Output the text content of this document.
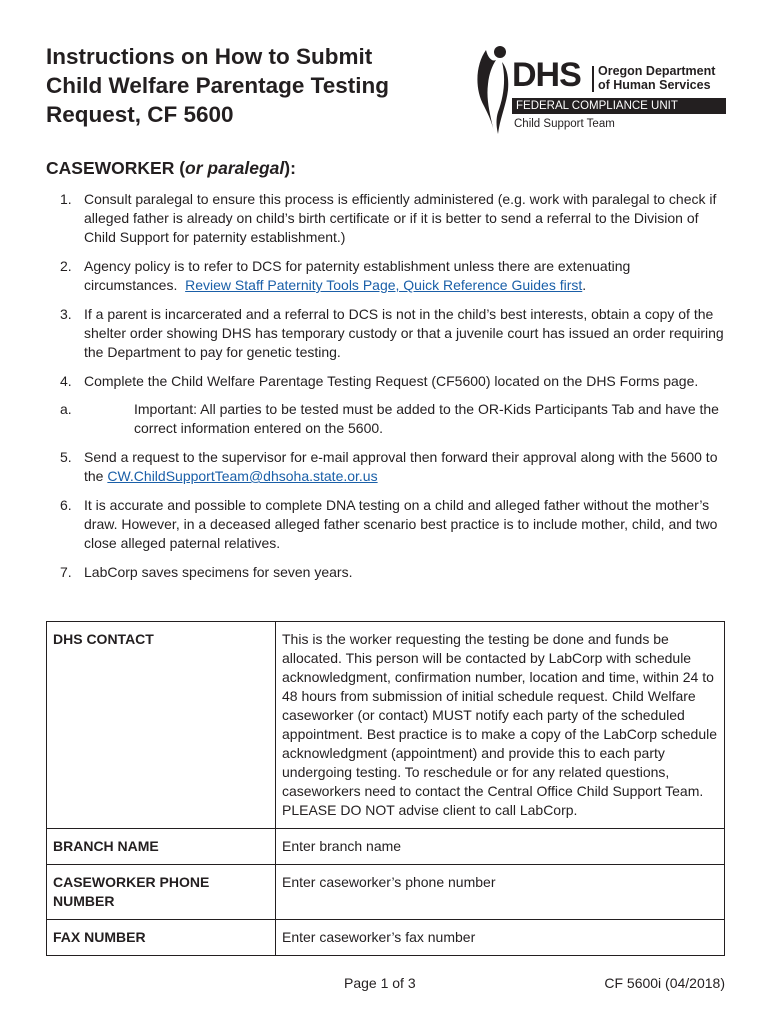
Instructions on How to Submit
Child Welfare Parentage Testing
Request, CF 5600
DHS Oregon Department
of Human Services
FEDERAL COMPLIANCE UNIT
Child Support Team
CASEWORKER (or paralegal):
1. Consult paralegal to ensure this process is efficiently administered (e.g. work with paralegal to check if alleged father is already on child’s birth certificate or if it is better to send a referral to the Division of Child Support for paternity establishment.)
2. Agency policy is to refer to DCS for paternity establishment unless there are extenuating circumstances. Review Staff Paternity Tools Page, Quick Reference Guides first.
3. If a parent is incarcerated and a referral to DCS is not in the child’s best interests, obtain a copy of the shelter order showing DHS has temporary custody or that a juvenile court has issued an order requiring the Department to pay for genetic testing.
4. Complete the Child Welfare Parentage Testing Request (CF5600) located on the DHS Forms page.
a.	Important: All parties to be tested must be added to the OR-Kids Participants Tab and have the correct information entered on the 5600.
5. Send a request to the supervisor for e-mail approval then forward their approval along with the 5600 to the CW.ChildSupportTeam@dhsoha.state.or.us
6. It is accurate and possible to complete DNA testing on a child and alleged father without the mother’s draw. However, in a deceased alleged father scenario best practice is to include mother, child, and two close alleged paternal relatives.
7. LabCorp saves specimens for seven years.
DHS CONTACT	This is the worker requesting the testing be done and funds be allocated. This person will be contacted by LabCorp with schedule acknowledgment, confirmation number, location and time, within 24 to 48 hours from submission of initial schedule request. Child Welfare caseworker (or contact) MUST notify each party of the scheduled appointment. Best practice is to make a copy of the LabCorp schedule acknowledgment (appointment) and provide this to each party undergoing testing. To reschedule or for any related questions, caseworkers need to contact the Central Office Child Support Team. PLEASE DO NOT advise client to call LabCorp.
BRANCH NAME	Enter branch name
CASEWORKER PHONE NUMBER	Enter caseworker’s phone number
FAX NUMBER	Enter caseworker’s fax number
Page 1 of 3	CF 5600i (04/2018)
